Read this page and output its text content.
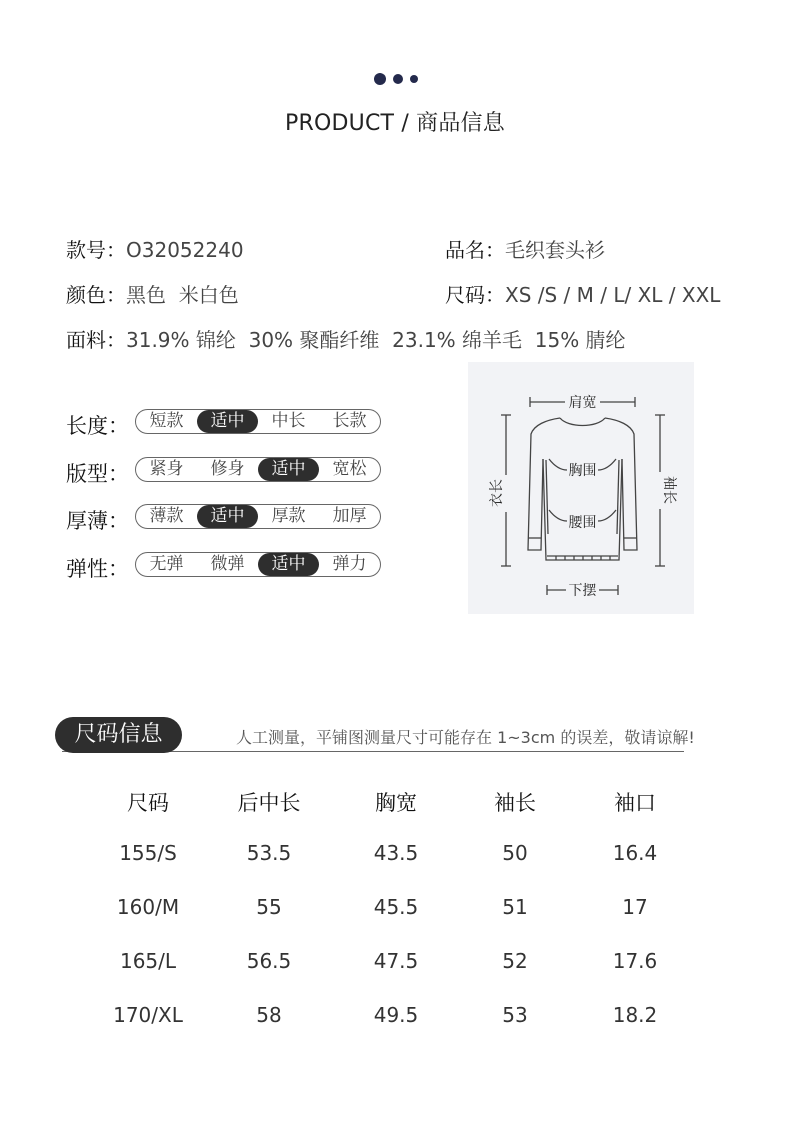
PRODUCT / 商品信息
款号：O32052240	品名：毛织套头衫
颜色：黑色  米白色	尺码：XS /S / M / L/ XL / XXL
面料：31.9% 锦纶  30% 聚酯纤维  23.1% 绵羊毛  15% 腈纶
长度：	短款	适中	中长	长款
版型：	紧身	修身	适中	宽松
厚薄：	薄款	适中	厚款	加厚
弹性：	无弹	微弹	适中	弹力
肩宽
胸围
腰围
下摆
衣长	袖长
尺码信息	人工测量，平铺图测量尺寸可能存在 1~3cm 的误差，敬请谅解!
尺码	后中长	胸宽	袖长	袖口
155/S	53.5	43.5	50	16.4
160/M	55	45.5	51	17
165/L	56.5	47.5	52	17.6
170/XL	58	49.5	53	18.2
